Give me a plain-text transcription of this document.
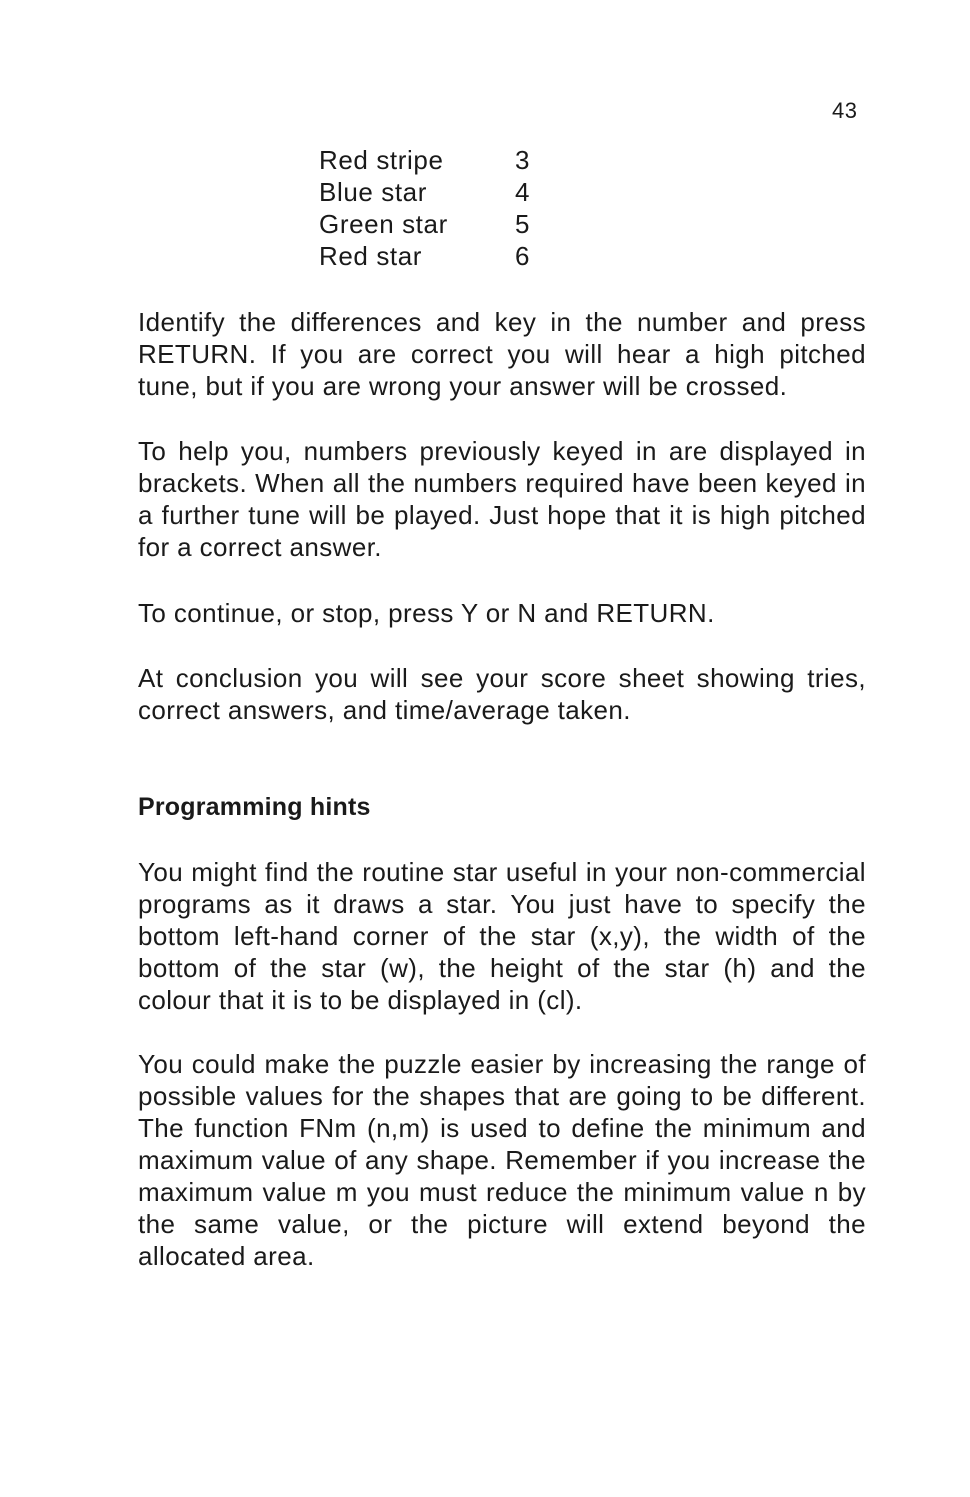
43
Red stripe	3
Blue star	4
Green star	5
Red star	6

Identify the differences and key in the number and press RETURN. If you are correct you will hear a high pitched tune, but if you are wrong your answer will be crossed.

To help you, numbers previously keyed in are displayed in brackets. When all the numbers required have been keyed in a further tune will be played. Just hope that it is high pitched for a correct answer.

To continue, or stop, press Y or N and RETURN.

At conclusion you will see your score sheet showing tries, correct answers, and time/average taken.

Programming hints

You might find the routine star useful in your non-commercial programs as it draws a star. You just have to specify the bottom left-hand corner of the star (x,y), the width of the bottom of the star (w), the height of the star (h) and the colour that it is to be displayed in (cl).

You could make the puzzle easier by increasing the range of possible values for the shapes that are going to be different. The function FNm (n,m) is used to define the minimum and maximum value of any shape. Remember if you increase the maximum value m you must reduce the minimum value n by the same value, or the picture will extend beyond the allocated area.
